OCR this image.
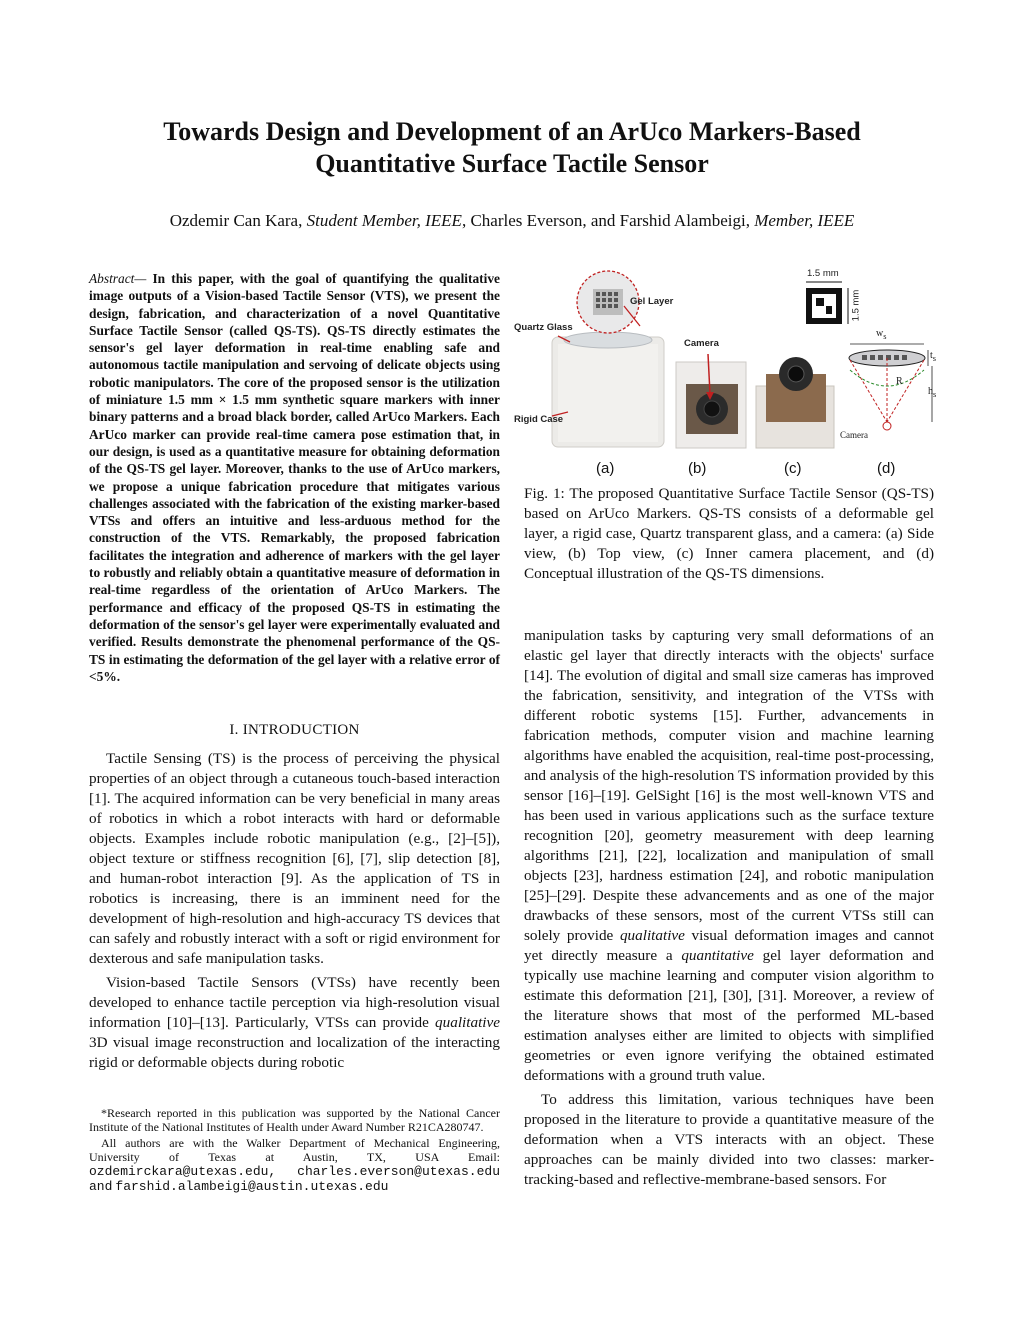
Towards Design and Development of an ArUco Markers-Based
Quantitative Surface Tactile Sensor
Ozdemir Can Kara, Student Member, IEEE, Charles Everson, and Farshid Alambeigi, Member, IEEE
Abstract— In this paper, with the goal of quantifying the qualitative image outputs of a Vision-based Tactile Sensor (VTS), we present the design, fabrication, and characterization of a novel Quantitative Surface Tactile Sensor (called QS-TS). QS-TS directly estimates the sensor's gel layer deformation in real-time enabling safe and autonomous tactile manipulation and servoing of delicate objects using robotic manipulators. The core of the proposed sensor is the utilization of miniature 1.5 mm × 1.5 mm synthetic square markers with inner binary patterns and a broad black border, called ArUco Markers. Each ArUco marker can provide real-time camera pose estimation that, in our design, is used as a quantitative measure for obtaining deformation of the QS-TS gel layer. Moreover, thanks to the use of ArUco markers, we propose a unique fabrication procedure that mitigates various challenges associated with the fabrication of the existing marker-based VTSs and offers an intuitive and less-arduous method for the construction of the VTS. Remarkably, the proposed fabrication facilitates the integration and adherence of markers with the gel layer to robustly and reliably obtain a quantitative measure of deformation in real-time regardless of the orientation of ArUco Markers. The performance and efficacy of the proposed QS-TS in estimating the deformation of the sensor's gel layer were experimentally evaluated and verified. Results demonstrate the phenomenal performance of the QS-TS in estimating the deformation of the gel layer with a relative error of <5%.
I. INTRODUCTION

Tactile Sensing (TS) is the process of perceiving the physical properties of an object through a cutaneous touch-based interaction [1]. The acquired information can be very beneficial in many areas of robotics in which a robot interacts with hard or deformable objects. Examples include robotic manipulation (e.g., [2]–[5]), object texture or stiffness recognition [6], [7], slip detection [8], and human-robot interaction [9]. As the application of TS in robotics is increasing, there is an imminent need for the development of high-resolution and high-accuracy TS devices that can safely and robustly interact with a soft or rigid environment for dexterous and safe manipulation tasks.

Vision-based Tactile Sensors (VTSs) have recently been developed to enhance tactile perception via high-resolution visual information [10]–[13]. Particularly, VTSs can provide qualitative 3D visual image reconstruction and localization of the interacting rigid or deformable objects during robotic

*Research reported in this publication was supported by the National Cancer Institute of the National Institutes of Health under Award Number R21CA280747.

All authors are with the Walker Department of Mechanical Engineering, University of Texas at Austin, TX, USA Email: ozdemirckara@utexas.edu, charles.everson@utexas.edu and farshid.alambeigi@austin.utexas.edu

Gel Layer
Quartz Glass
Camera
Rigid Case
1.5 mm
1.5 mm
$w_s$
$t_s$
$h_s$
R
Camera
(a)	(b)	(c)	(d)
Fig. 1: The proposed Quantitative Surface Tactile Sensor (QS-TS) based on ArUco Markers. QS-TS consists of a deformable gel layer, a rigid case, Quartz transparent glass, and a camera: (a) Side view, (b) Top view, (c) Inner camera placement, and (d) Conceptual illustration of the QS-TS dimensions.

manipulation tasks by capturing very small deformations of an elastic gel layer that directly interacts with the objects' surface [14]. The evolution of digital and small size cameras has improved the fabrication, sensitivity, and integration of the VTSs with different robotic systems [15]. Further, advancements in fabrication methods, computer vision and machine learning algorithms have enabled the acquisition, real-time post-processing, and analysis of the high-resolution TS information provided by this sensor [16]–[19]. GelSight [16] is the most well-known VTS and has been used in various applications such as the surface texture recognition [20], geometry measurement with deep learning algorithms [21], [22], localization and manipulation of small objects [23], hardness estimation [24], and robotic manipulation [25]–[29]. Despite these advancements and as one of the major drawbacks of these sensors, most of the current VTSs still can solely provide qualitative visual deformation images and cannot yet directly measure a quantitative gel layer deformation and typically use machine learning and computer vision algorithm to estimate this deformation [21], [30], [31]. Moreover, a review of the literature shows that most of the performed ML-based estimation analyses either are limited to objects with simplified geometries or even ignore verifying the obtained estimated deformations with a ground truth value.

To address this limitation, various techniques have been proposed in the literature to provide a quantitative measure of the deformation when a VTS interacts with an object. These approaches can be mainly divided into two classes: marker-tracking-based and reflective-membrane-based sensors. For
